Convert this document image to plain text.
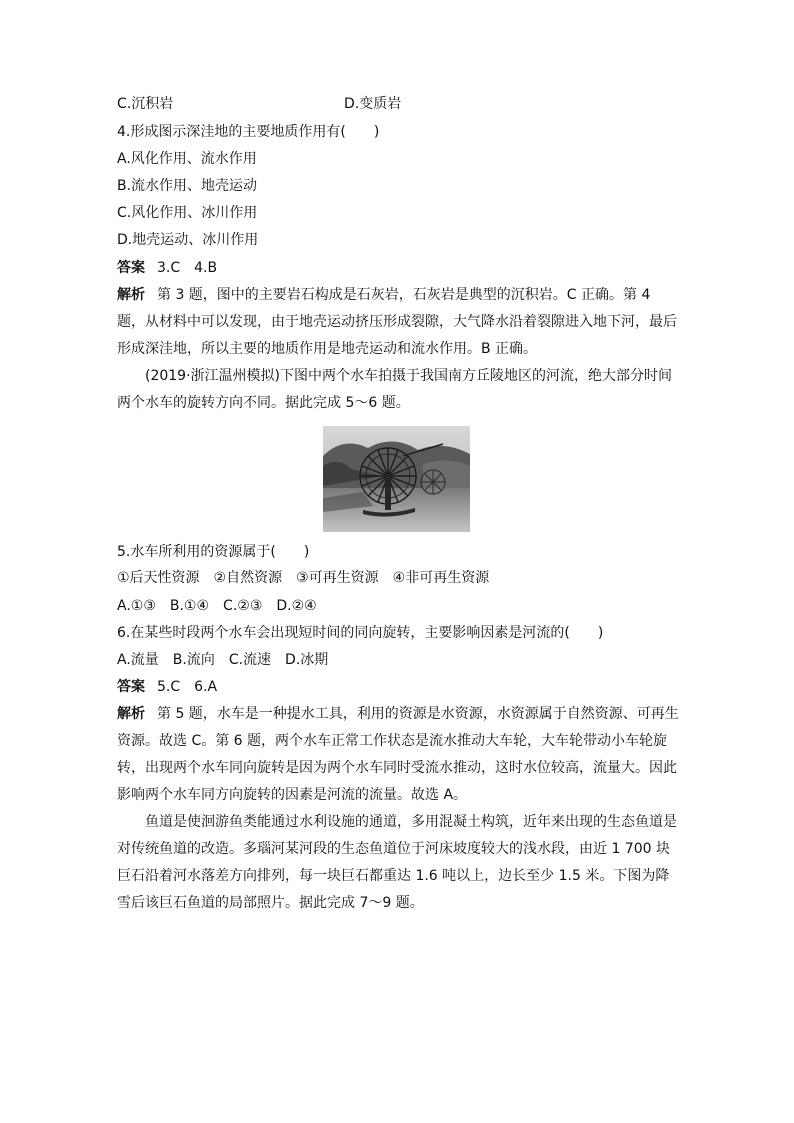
C.沉积岩	D.变质岩
4.形成图示深洼地的主要地质作用有(　　)
A.风化作用、流水作用
B.流水作用、地壳运动
C.风化作用、冰川作用
D.地壳运动、冰川作用
答案 3.C　4.B
解析 第 3 题，图中的主要岩石构成是石灰岩，石灰岩是典型的沉积岩。C 正确。第 4 题，从材料中可以发现，由于地壳运动挤压形成裂隙，大气降水沿着裂隙进入地下河，最后形成深洼地，所以主要的地质作用是地壳运动和流水作用。B 正确。
(2019·浙江温州模拟)下图中两个水车拍摄于我国南方丘陵地区的河流，绝大部分时间两个水车的旋转方向不同。据此完成 5～6 题。
5.水车所利用的资源属于(　　)
①后天性资源　②自然资源　③可再生资源　④非可再生资源
A.①③　B.①④　C.②③　D.②④
6.在某些时段两个水车会出现短时间的同向旋转，主要影响因素是河流的(　　)
A.流量　B.流向　C.流速　D.冰期
答案 5.C　6.A
解析 第 5 题，水车是一种提水工具，利用的资源是水资源，水资源属于自然资源、可再生资源。故选 C。第 6 题，两个水车正常工作状态是流水推动大车轮，大车轮带动小车轮旋转，出现两个水车同向旋转是因为两个水车同时受流水推动，这时水位较高，流量大。因此影响两个水车同方向旋转的因素是河流的流量。故选 A。
鱼道是使洄游鱼类能通过水利设施的通道，多用混凝土构筑，近年来出现的生态鱼道是对传统鱼道的改造。多瑙河某河段的生态鱼道位于河床坡度较大的浅水段，由近 1 700 块巨石沿着河水落差方向排列，每一块巨石都重达 1.6 吨以上，边长至少 1.5 米。下图为降雪后该巨石鱼道的局部照片。据此完成 7～9 题。
